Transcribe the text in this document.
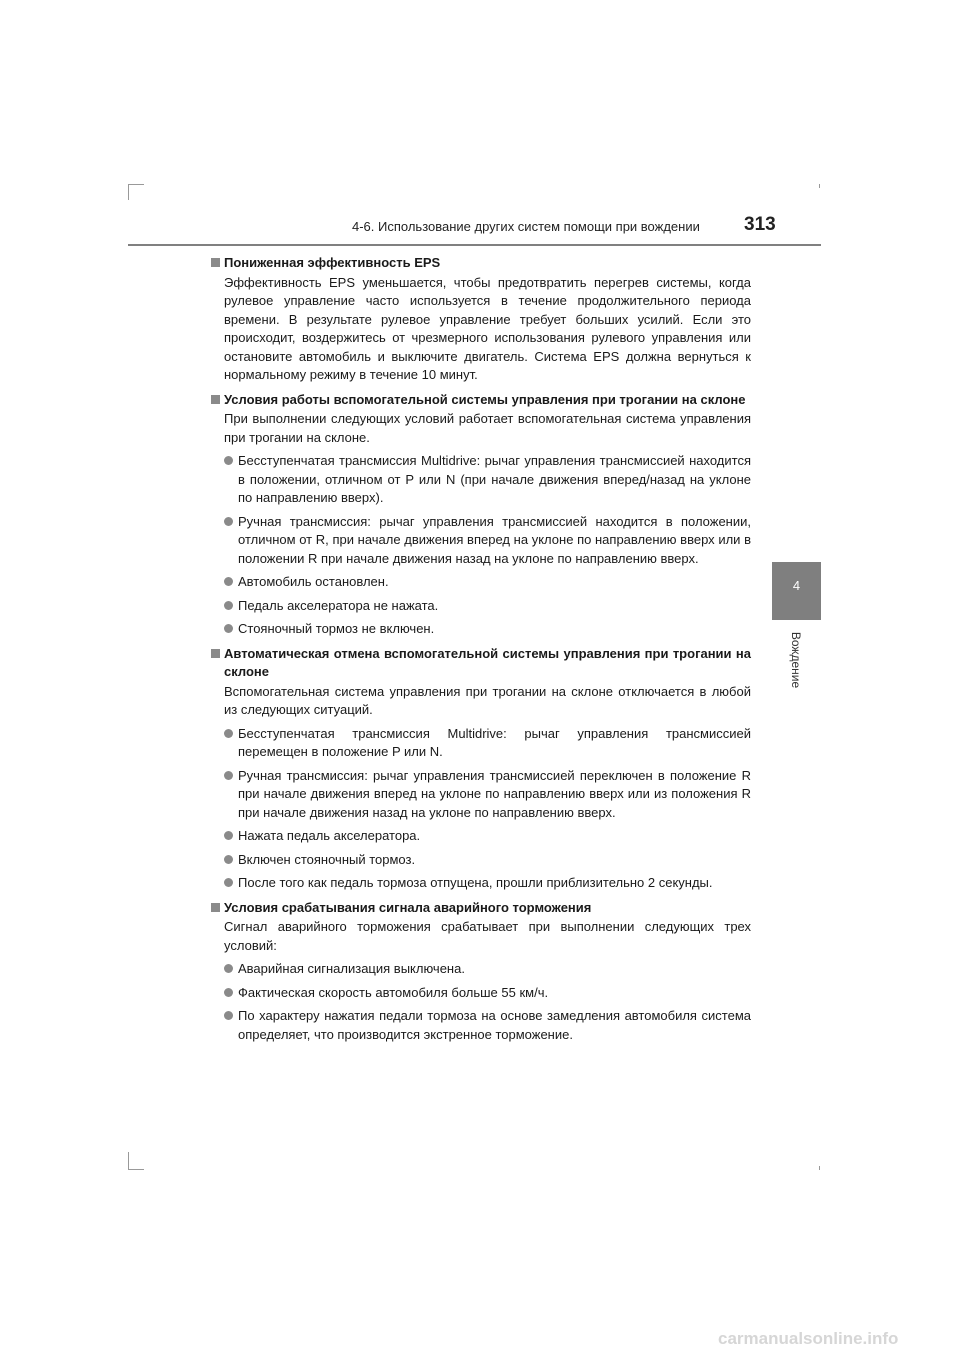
4-6. Использование других систем помощи при вождении 313
4
Вождение
Пониженная эффективность EPS
Эффективность EPS уменьшается, чтобы предотвратить перегрев системы, когда рулевое управление часто используется в течение продолжительного периода времени. В результате рулевое управление требует больших усилий. Если это происходит, воздержитесь от чрезмерного использования рулевого управления или остановите автомобиль и выключите двигатель. Система EPS должна вернуться к нормальному режиму в течение 10 минут.
Условия работы вспомогательной системы управления при трогании на склоне
При выполнении следующих условий работает вспомогательная система управления при трогании на склоне.
Бесступенчатая трансмиссия Multidrive: рычаг управления трансмиссией находится в положении, отличном от P или N (при начале движения вперед/назад на уклоне по направлению вверх).
Ручная трансмиссия: рычаг управления трансмиссией находится в положении, отличном от R, при начале движения вперед на уклоне по направлению вверх или в положении R при начале движения назад на уклоне по направлению вверх.
Автомобиль остановлен.
Педаль акселератора не нажата.
Стояночный тормоз не включен.
Автоматическая отмена вспомогательной системы управления при трогании на склоне
Вспомогательная система управления при трогании на склоне отключается в любой из следующих ситуаций.
Бесступенчатая трансмиссия Multidrive: рычаг управления трансмиссией перемещен в положение P или N.
Ручная трансмиссия: рычаг управления трансмиссией переключен в положение R при начале движения вперед на уклоне по направлению вверх или из положения R при начале движения назад на уклоне по направлению вверх.
Нажата педаль акселератора.
Включен стояночный тормоз.
После того как педаль тормоза отпущена, прошли приблизительно 2 секунды.
Условия срабатывания сигнала аварийного торможения
Сигнал аварийного торможения срабатывает при выполнении следующих трех условий:
Аварийная сигнализация выключена.
Фактическая скорость автомобиля больше 55 км/ч.
По характеру нажатия педали тормоза на основе замедления автомобиля система определяет, что производится экстренное торможение.
carmanualsonline.info
